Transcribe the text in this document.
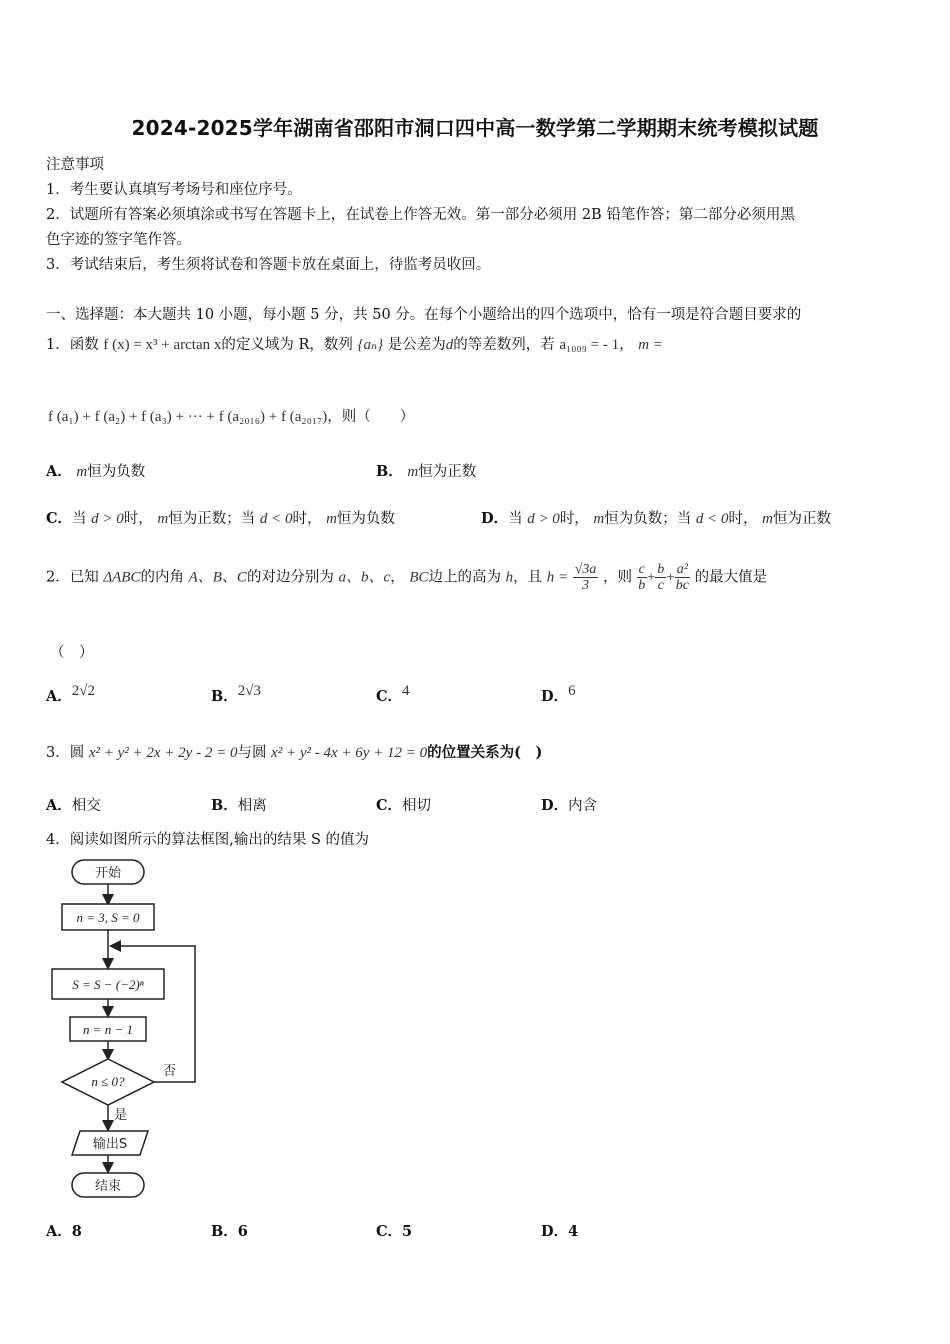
2024-2025学年湖南省邵阳市洞口四中高一数学第二学期期末统考模拟试题
注意事项
1．考生要认真填写考场号和座位序号。
2．试题所有答案必须填涂或书写在答题卡上，在试卷上作答无效。第一部分必须用 2B 铅笔作答；第二部分必须用黑
色字迹的签字笔作答。
3．考试结束后，考生须将试卷和答题卡放在桌面上，待监考员收回。
一、选择题：本大题共 10 小题，每小题 5 分，共 50 分。在每个小题给出的四个选项中，恰有一项是符合题目要求的
1．函数 f (x) = x³ + arctan x的定义域为 R，数列 {aₙ} 是公差为d的等差数列，若 a₁₀₀₉ = - 1， m =
f (a₁) + f (a₂) + f (a₃) + ··· + f (a₂₀₁₆) + f (a₂₀₁₇)，则（　　）
A． m恒为负数	B． m恒为正数
C．当 d > 0时， m恒为正数；当 d < 0时， m恒为负数	D．当 d > 0时， m恒为负数；当 d < 0时， m恒为正数
2．已知 ΔABC的内角 A、B、C的对边分别为 a、b、c， BC边上的高为 h，且 $h = \frac{√3a}{3}$ ，则 $\frac{c}{b} + \frac{b}{c} + \frac{\text{a²}}{bc}$ 的最大值是
（　）
A．2√2	B．2√3	C．4	D．6
3．圆 x² + y² + 2x + 2y - 2 = 0与圆 x² + y² - 4x + 6y + 12 = 0的位置关系为(　)
A．相交	B．相离	C．相切	D．内含
4．阅读如图所示的算法框图,输出的结果 S 的值为
开始
n = 3, S = 0
S = S − (−2)ⁿ
n = n − 1
n ≤ 0?
否
是
输出S
结束
A．8	B．6	C．5	D．4
